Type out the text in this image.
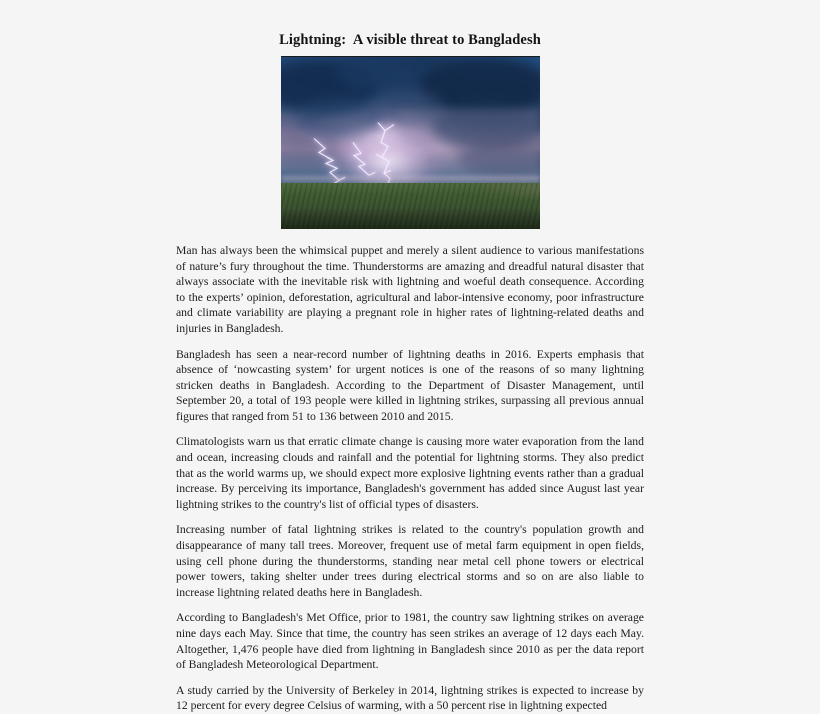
Lightning:  A visible threat to Bangladesh

Man has always been the whimsical puppet and merely a silent audience to various manifestations of nature’s fury throughout the time. Thunderstorms are amazing and dreadful natural disaster that always associate with the inevitable risk with lightning and woeful death consequence. According to the experts’ opinion, deforestation, agricultural and labor-intensive economy, poor infrastructure and climate variability are playing a pregnant role in higher rates of lightning-related deaths and injuries in Bangladesh.

Bangladesh has seen a near-record number of lightning deaths in 2016. Experts emphasis that absence of ‘nowcasting system’ for urgent notices is one of the reasons of so many lightning stricken deaths in Bangladesh. According to the Department of Disaster Management, until September 20, a total of 193 people were killed in lightning strikes, surpassing all previous annual figures that ranged from 51 to 136 between 2010 and 2015.

Climatologists warn us that erratic climate change is causing more water evaporation from the land and ocean, increasing clouds and rainfall and the potential for lightning storms. They also predict that as the world warms up, we should expect more explosive lightning events rather than a gradual increase. By perceiving its importance, Bangladesh's government has added since August last year lightning strikes to the country's list of official types of disasters.

Increasing number of fatal lightning strikes is related to the country's population growth and disappearance of many tall trees. Moreover, frequent use of metal farm equipment in open fields, using cell phone during the thunderstorms, standing near metal cell phone towers or electrical power towers, taking shelter under trees during electrical storms and so on are also liable to increase lightning related deaths here in Bangladesh.

According to Bangladesh's Met Office, prior to 1981, the country saw lightning strikes on average nine days each May. Since that time, the country has seen strikes an average of 12 days each May. Altogether, 1,476 people have died from lightning in Bangladesh since 2010 as per the data report of Bangladesh Meteorological Department.

A study carried by the University of Berkeley in 2014, lightning strikes is expected to increase by 12 percent for every degree Celsius of warming, with a 50 percent rise in lightning expected
